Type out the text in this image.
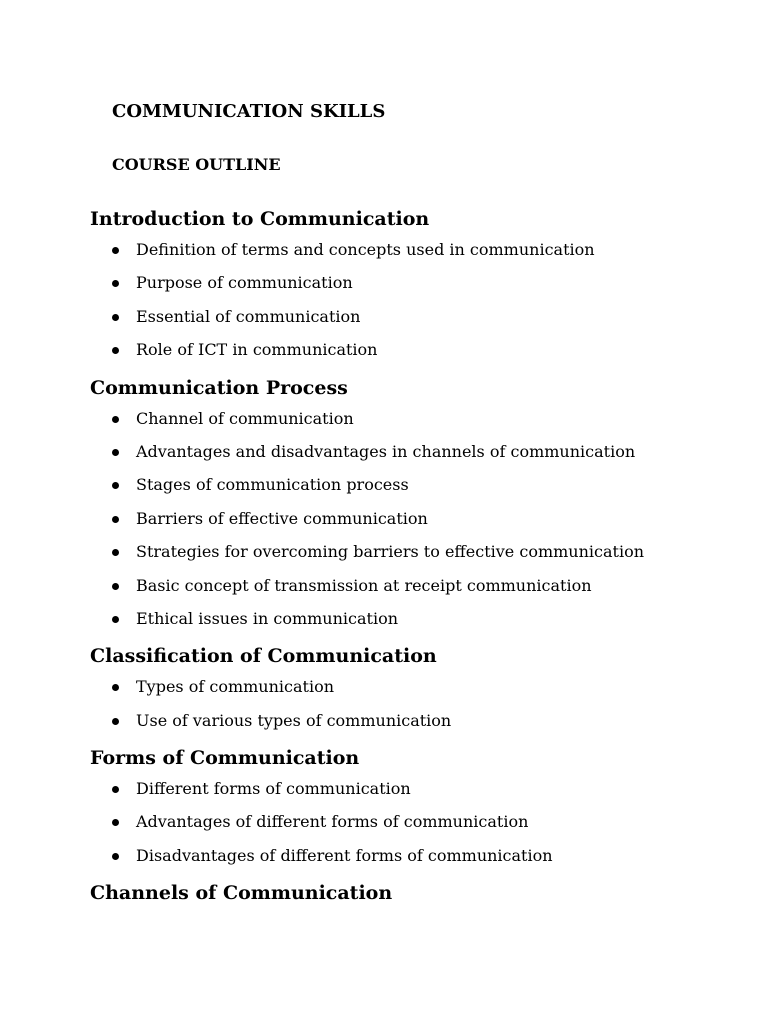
COMMUNICATION SKILLS
COURSE OUTLINE
Introduction to Communication
Definition of terms and concepts used in communication
Purpose of communication
Essential of communication
Role of ICT in communication
Communication Process
Channel of communication
Advantages and disadvantages in channels of communication
Stages of communication process
Barriers of effective communication
Strategies for overcoming barriers to effective communication
Basic concept of transmission at receipt communication
Ethical issues in communication
Classification of Communication
Types of communication
Use of various types of communication
Forms of Communication
Different forms of communication
Advantages of different forms of communication
Disadvantages of different forms of communication
Channels of Communication
